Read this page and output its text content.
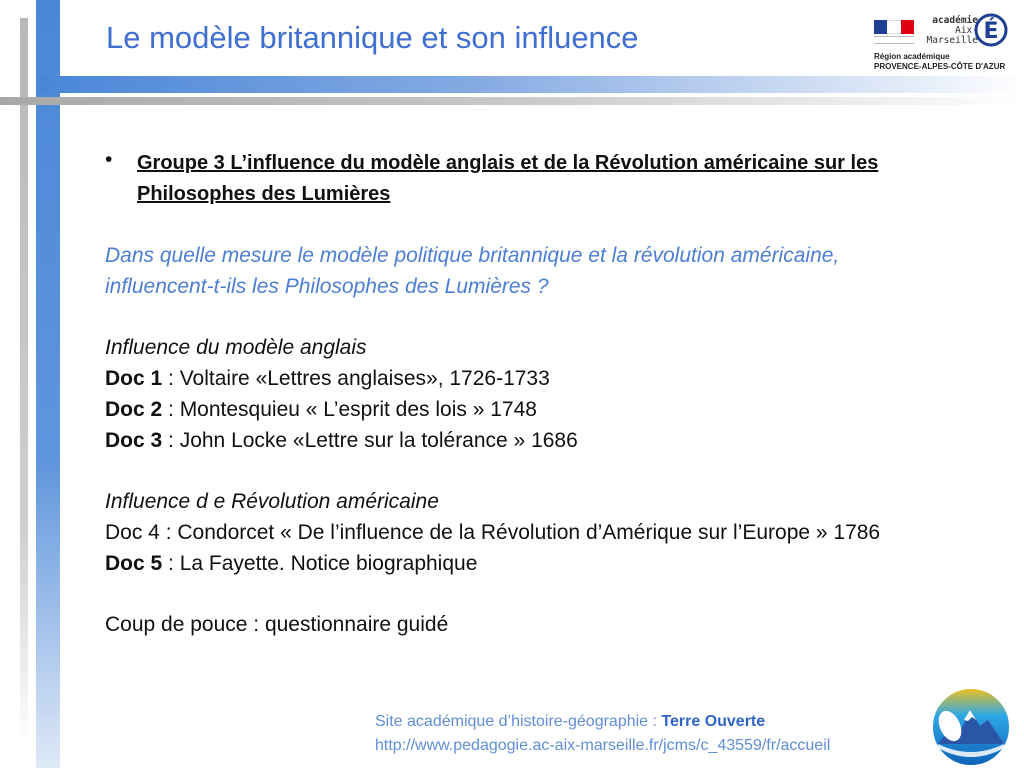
Le modèle britannique et son influence	académie
Aix-Marseille É
Région académique
PROVENCE-ALPES-CÔTE D'AZUR
• Groupe 3 L’influence du modèle anglais et de la Révolution américaine sur les
Philosophes des Lumières
Dans quelle mesure le modèle politique britannique et la révolution américaine,
influencent-t-ils les Philosophes des Lumières ?
Influence du modèle anglais
Doc 1 : Voltaire «Lettres anglaises», 1726-1733
Doc 2 : Montesquieu « L’esprit des lois » 1748
Doc 3 : John Locke «Lettre sur la tolérance » 1686
Influence d e Révolution américaine
Doc 4 : Condorcet « De l’influence de la Révolution d’Amérique sur l’Europe » 1786
Doc 5 : La Fayette. Notice biographique
Coup de pouce : questionnaire guidé
Site académique d’histoire-géographie : Terre Ouverte
http://www.pedagogie.ac-aix-marseille.fr/jcms/c_43559/fr/accueil
